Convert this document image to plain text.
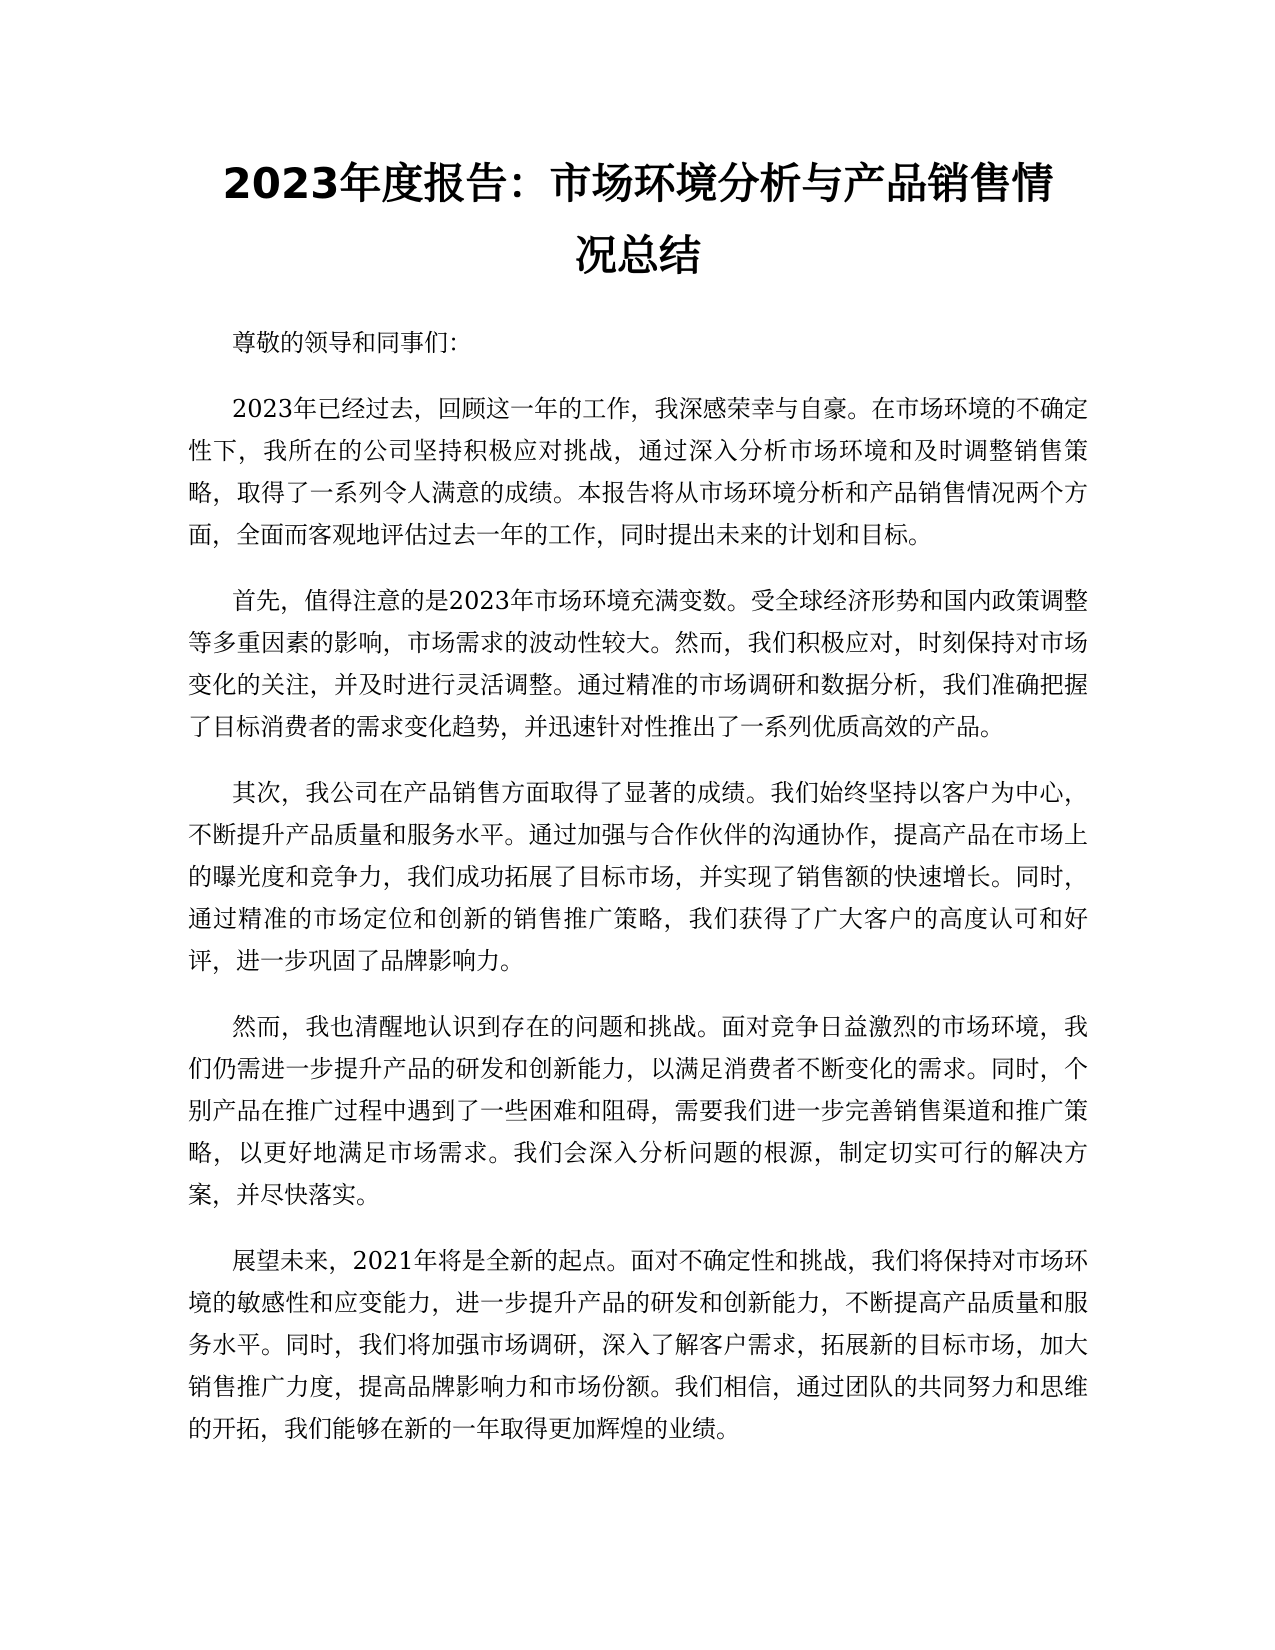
2023年度报告：市场环境分析与产品销售情
况总结

尊敬的领导和同事们：

2023年已经过去，回顾这一年的工作，我深感荣幸与自豪。在市场环境的不确定性下，我所在的公司坚持积极应对挑战，通过深入分析市场环境和及时调整销售策略，取得了一系列令人满意的成绩。本报告将从市场环境分析和产品销售情况两个方面，全面而客观地评估过去一年的工作，同时提出未来的计划和目标。

首先，值得注意的是2023年市场环境充满变数。受全球经济形势和国内政策调整等多重因素的影响，市场需求的波动性较大。然而，我们积极应对，时刻保持对市场变化的关注，并及时进行灵活调整。通过精准的市场调研和数据分析，我们准确把握了目标消费者的需求变化趋势，并迅速针对性推出了一系列优质高效的产品。

其次，我公司在产品销售方面取得了显著的成绩。我们始终坚持以客户为中心，不断提升产品质量和服务水平。通过加强与合作伙伴的沟通协作，提高产品在市场上的曝光度和竞争力，我们成功拓展了目标市场，并实现了销售额的快速增长。同时，通过精准的市场定位和创新的销售推广策略，我们获得了广大客户的高度认可和好评，进一步巩固了品牌影响力。

然而，我也清醒地认识到存在的问题和挑战。面对竞争日益激烈的市场环境，我们仍需进一步提升产品的研发和创新能力，以满足消费者不断变化的需求。同时，个别产品在推广过程中遇到了一些困难和阻碍，需要我们进一步完善销售渠道和推广策略，以更好地满足市场需求。我们会深入分析问题的根源，制定切实可行的解决方案，并尽快落实。

展望未来，2021年将是全新的起点。面对不确定性和挑战，我们将保持对市场环境的敏感性和应变能力，进一步提升产品的研发和创新能力，不断提高产品质量和服务水平。同时，我们将加强市场调研，深入了解客户需求，拓展新的目标市场，加大销售推广力度，提高品牌影响力和市场份额。我们相信，通过团队的共同努力和思维的开拓，我们能够在新的一年取得更加辉煌的业绩。
